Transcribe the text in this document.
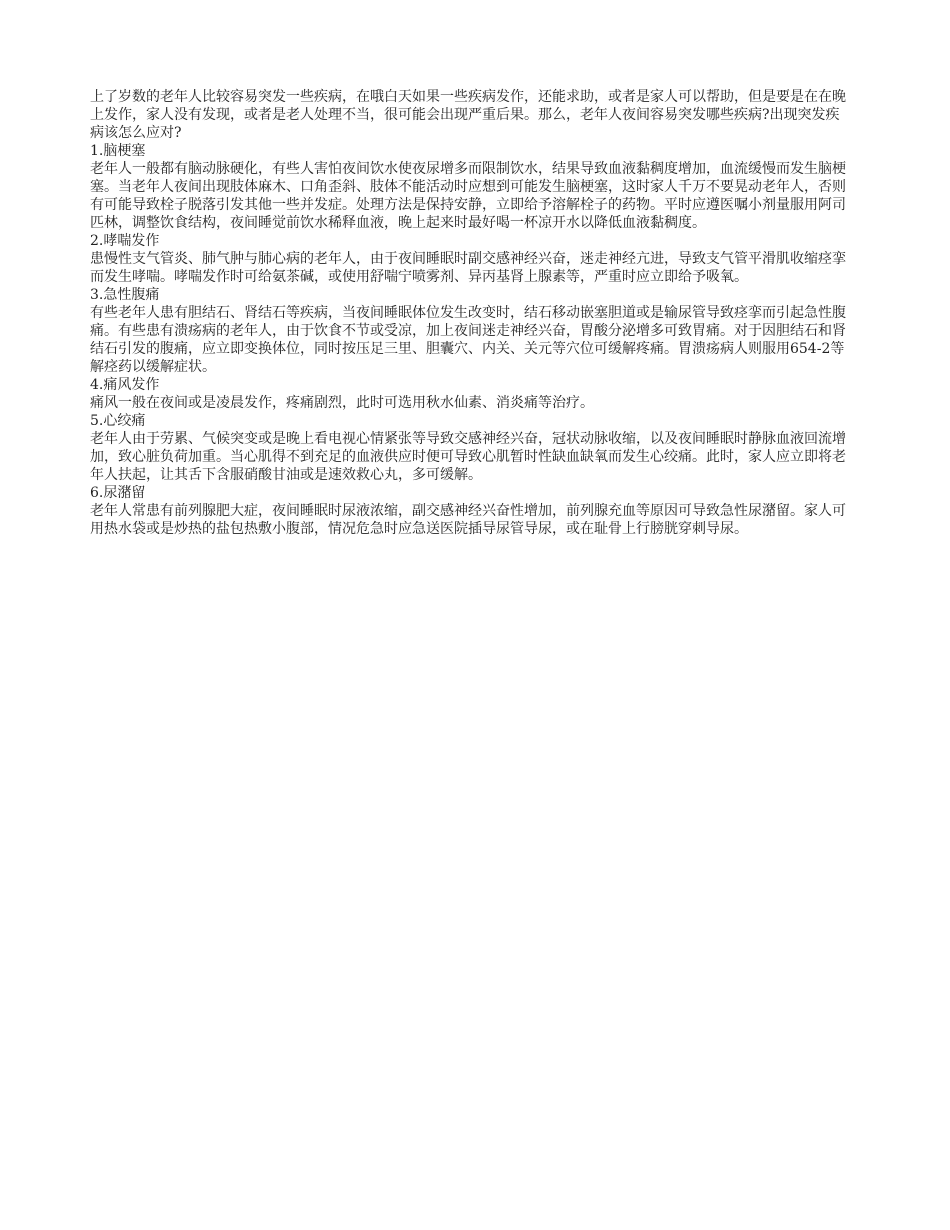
上了岁数的老年人比较容易突发一些疾病，在哦白天如果一些疾病发作，还能求助，或者是家人可以帮助，但是要是在在晚上发作，家人没有发现，或者是老人处理不当，很可能会出现严重后果。那么，老年人夜间容易突发哪些疾病?出现突发疾病该怎么应对?

1.脑梗塞

老年人一般都有脑动脉硬化，有些人害怕夜间饮水使夜尿增多而限制饮水，结果导致血液黏稠度增加，血流缓慢而发生脑梗塞。当老年人夜间出现肢体麻木、口角歪斜、肢体不能活动时应想到可能发生脑梗塞，这时家人千万不要晃动老年人，否则有可能导致栓子脱落引发其他一些并发症。处理方法是保持安静，立即给予溶解栓子的药物。平时应遵医嘱小剂量服用阿司匹林，调整饮食结构，夜间睡觉前饮水稀释血液，晚上起来时最好喝一杯凉开水以降低血液黏稠度。

2.哮喘发作

患慢性支气管炎、肺气肿与肺心病的老年人，由于夜间睡眠时副交感神经兴奋，迷走神经亢进，导致支气管平滑肌收缩痉挛而发生哮喘。哮喘发作时可给氨茶碱，或使用舒喘宁喷雾剂、异丙基肾上腺素等，严重时应立即给予吸氧。

3.急性腹痛

有些老年人患有胆结石、肾结石等疾病，当夜间睡眠体位发生改变时，结石移动嵌塞胆道或是输尿管导致痉挛而引起急性腹痛。有些患有溃疡病的老年人，由于饮食不节或受凉，加上夜间迷走神经兴奋，胃酸分泌增多可致胃痛。对于因胆结石和肾结石引发的腹痛，应立即变换体位，同时按压足三里、胆囊穴、内关、关元等穴位可缓解疼痛。胃溃疡病人则服用654-2等解痉药以缓解症状。

4.痛风发作

痛风一般在夜间或是凌晨发作，疼痛剧烈，此时可选用秋水仙素、消炎痛等治疗。

5.心绞痛

老年人由于劳累、气候突变或是晚上看电视心情紧张等导致交感神经兴奋，冠状动脉收缩，以及夜间睡眠时静脉血液回流增加，致心脏负荷加重。当心肌得不到充足的血液供应时便可导致心肌暂时性缺血缺氧而发生心绞痛。此时，家人应立即将老年人扶起，让其舌下含服硝酸甘油或是速效救心丸，多可缓解。

6.尿潴留

老年人常患有前列腺肥大症，夜间睡眠时尿液浓缩，副交感神经兴奋性增加，前列腺充血等原因可导致急性尿潴留。家人可用热水袋或是炒热的盐包热敷小腹部，情况危急时应急送医院插导尿管导尿，或在耻骨上行膀胱穿刺导尿。
